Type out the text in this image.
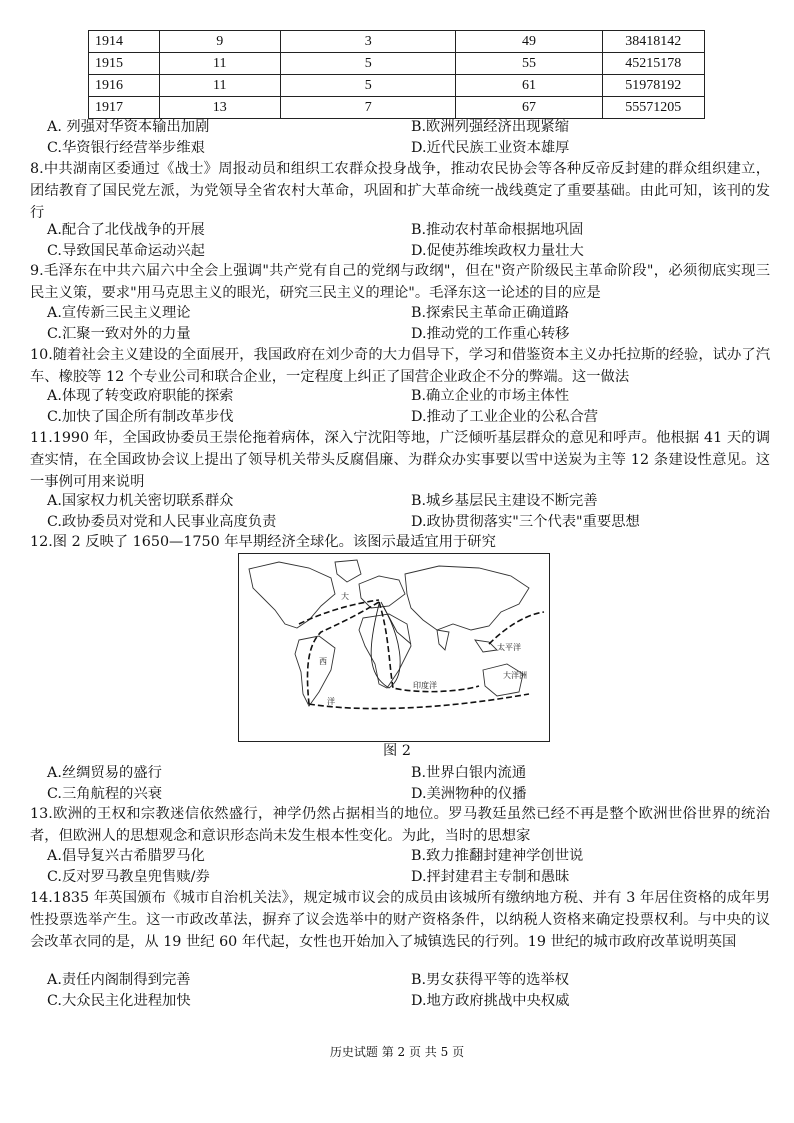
1914	9	3	49	38418142
1915	11	5	55	45215178
1916	11	5	61	51978192
1917	13	7	67	55571205
A. 列强对华资本输出加剧	B.欧洲列强经济出现紧缩
C.华资银行经营举步维艰	D.近代民族工业资本雄厚
8.中共湖南区委通过《战士》周报动员和组织工农群众投身战争，推动农民协会等各种反帝反封建的群众组织建立，团结教育了国民党左派，为党领导全省农村大革命，巩固和扩大革命统一战线奠定了重要基础。由此可知，该刊的发行
A.配合了北伐战争的开展	B.推动农村革命根据地巩固
C.导致国民革命运动兴起	D.促使苏维埃政权力量壮大
9.毛泽东在中共六届六中全会上强调"共产党有自己的党纲与政纲"，但在"资产阶级民主革命阶段"，必须彻底实现三民主义策，要求"用马克思主义的眼光，研究三民主义的理论"。毛泽东这一论述的目的应是
A.宣传新三民主义理论	B.探索民主革命正确道路
C.汇聚一致对外的力量	D.推动党的工作重心转移
10.随着社会主义建设的全面展开，我国政府在刘少奇的大力倡导下，学习和借鉴资本主义办托拉斯的经验，试办了汽车、橡胶等 12 个专业公司和联合企业，一定程度上纠正了国营企业政企不分的弊端。这一做法
A.体现了转变政府职能的探索	B.确立企业的市场主体性
C.加快了国企所有制改革步伐	D.推动了工业企业的公私合营
11.1990 年，全国政协委员王崇伦拖着病体，深入宁沈阳等地，广泛倾听基层群众的意见和呼声。他根据 41 天的调查实情，在全国政协会议上提出了领导机关带头反腐倡廉、为群众办实事要以雪中送炭为主等 12 条建设性意见。这一事例可用来说明
A.国家权力机关密切联系群众	B.城乡基层民主建设不断完善
C.政协委员对党和人民事业高度负责	D.政协贯彻落实"三个代表"重要思想
12.图 2 反映了 1650—1750 年早期经济全球化。该图示最适宜用于研究
大
太平洋
西
印度洋
大洋洲
洋
图 2
A.丝绸贸易的盛行	B.世界白银内流通
C.三角航程的兴衰	D.美洲物种的仪播
13.欧洲的王权和宗教迷信依然盛行，神学仍然占据相当的地位。罗马教廷虽然已经不再是整个欧洲世俗世界的统治者，但欧洲人的思想观念和意识形态尚未发生根本性变化。为此，当时的思想家
A.倡导复兴古希腊罗马化	B.致力推翻封建神学创世说
C.反对罗马教皇兜售赎/券	D.抨封建君主专制和愚昧
14.1835 年英国颁布《城市自治机关法》，规定城市议会的成员由该城所有缴纳地方税、并有 3 年居住资格的成年男性投票选举产生。这一市政改革法，摒弃了议会选举中的财产资格条件，以纳税人资格来确定投票权利。与中央的议会改革衣同的是，从 19 世纪 60 年代起，女性也开始加入了城镇选民的行列。19 世纪的城市政府改革说明英国
A.责任内阁制得到完善	B.男女获得平等的选举权
C.大众民主化进程加快	D.地方政府挑战中央权威
历史试题 第 2 页 共 5 页
